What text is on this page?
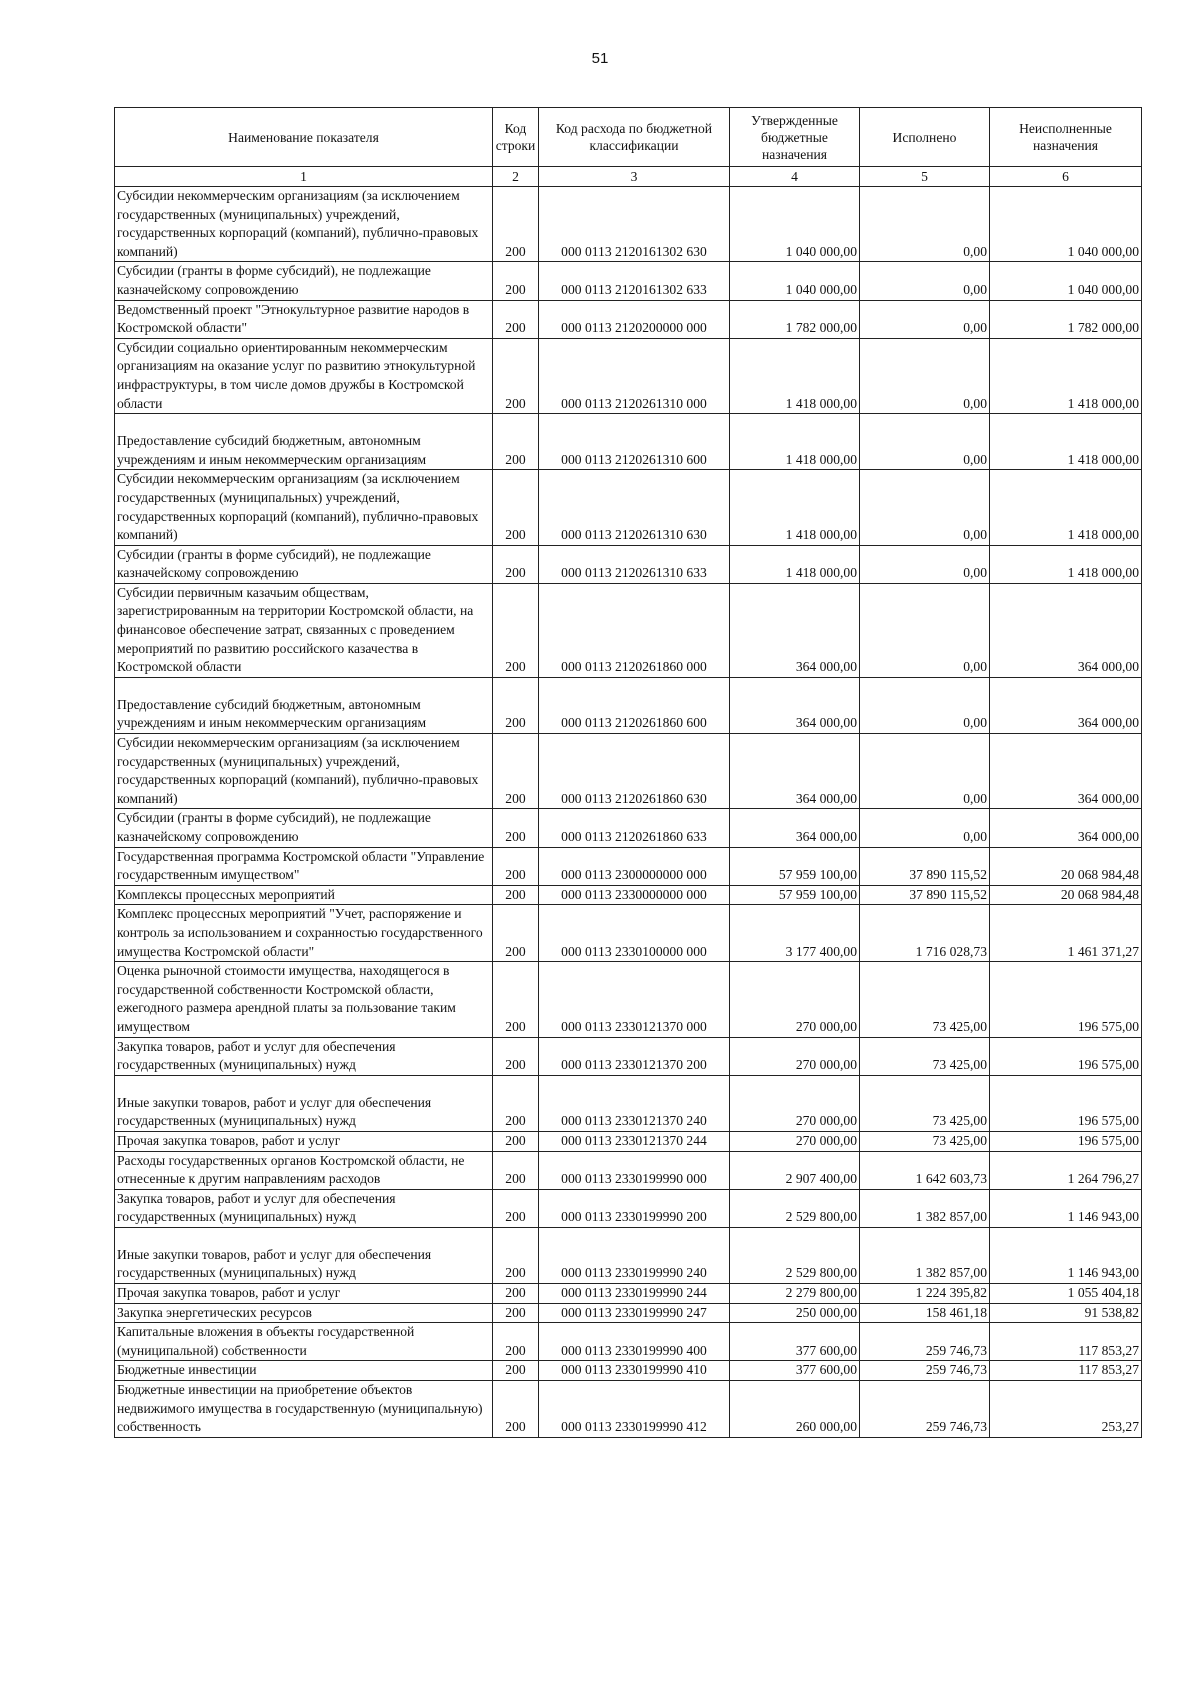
51
Наименование показателя	Код строки	Код расхода по бюджетной классификации	Утвержденные бюджетные назначения	Исполнено	Неисполненные назначения
1	2	3	4	5	6
Субсидии некоммерческим организациям (за исключением государственных (муниципальных) учреждений, государственных корпораций (компаний), публично-правовых компаний)	200	000 0113 2120161302 630	1 040 000,00	0,00	1 040 000,00
Субсидии (гранты в форме субсидий), не подлежащие казначейскому сопровождению	200	000 0113 2120161302 633	1 040 000,00	0,00	1 040 000,00
Ведомственный проект "Этнокультурное развитие народов в Костромской области"	200	000 0113 2120200000 000	1 782 000,00	0,00	1 782 000,00
Субсидии социально ориентированным некоммерческим организациям на оказание услуг по развитию этнокультурной инфраструктуры, в том числе домов дружбы в Костромской области	200	000 0113 2120261310 000	1 418 000,00	0,00	1 418 000,00
Предоставление субсидий бюджетным, автономным учреждениям и иным некоммерческим организациям	200	000 0113 2120261310 600	1 418 000,00	0,00	1 418 000,00
Субсидии некоммерческим организациям (за исключением государственных (муниципальных) учреждений, государственных корпораций (компаний), публично-правовых компаний)	200	000 0113 2120261310 630	1 418 000,00	0,00	1 418 000,00
Субсидии (гранты в форме субсидий), не подлежащие казначейскому сопровождению	200	000 0113 2120261310 633	1 418 000,00	0,00	1 418 000,00
Субсидии первичным казачьим обществам, зарегистрированным на территории Костромской области, на финансовое обеспечение затрат, связанных с проведением мероприятий по развитию российского казачества в Костромской области	200	000 0113 2120261860 000	364 000,00	0,00	364 000,00
Предоставление субсидий бюджетным, автономным учреждениям и иным некоммерческим организациям	200	000 0113 2120261860 600	364 000,00	0,00	364 000,00
Субсидии некоммерческим организациям (за исключением государственных (муниципальных) учреждений, государственных корпораций (компаний), публично-правовых компаний)	200	000 0113 2120261860 630	364 000,00	0,00	364 000,00
Субсидии (гранты в форме субсидий), не подлежащие казначейскому сопровождению	200	000 0113 2120261860 633	364 000,00	0,00	364 000,00
Государственная программа Костромской области "Управление государственным имуществом"	200	000 0113 2300000000 000	57 959 100,00	37 890 115,52	20 068 984,48
Комплексы процессных мероприятий	200	000 0113 2330000000 000	57 959 100,00	37 890 115,52	20 068 984,48
Комплекс процессных мероприятий "Учет, распоряжение и контроль за использованием и сохранностью государственного имущества Костромской области"	200	000 0113 2330100000 000	3 177 400,00	1 716 028,73	1 461 371,27
Оценка рыночной стоимости имущества, находящегося в государственной собственности Костромской области, ежегодного размера арендной платы за пользование таким имуществом	200	000 0113 2330121370 000	270 000,00	73 425,00	196 575,00
Закупка товаров, работ и услуг для обеспечения государственных (муниципальных) нужд	200	000 0113 2330121370 200	270 000,00	73 425,00	196 575,00
Иные закупки товаров, работ и услуг для обеспечения государственных (муниципальных) нужд	200	000 0113 2330121370 240	270 000,00	73 425,00	196 575,00
Прочая закупка товаров, работ и услуг	200	000 0113 2330121370 244	270 000,00	73 425,00	196 575,00
Расходы государственных органов Костромской области, не отнесенные к другим направлениям расходов	200	000 0113 2330199990 000	2 907 400,00	1 642 603,73	1 264 796,27
Закупка товаров, работ и услуг для обеспечения государственных (муниципальных) нужд	200	000 0113 2330199990 200	2 529 800,00	1 382 857,00	1 146 943,00
Иные закупки товаров, работ и услуг для обеспечения государственных (муниципальных) нужд	200	000 0113 2330199990 240	2 529 800,00	1 382 857,00	1 146 943,00
Прочая закупка товаров, работ и услуг	200	000 0113 2330199990 244	2 279 800,00	1 224 395,82	1 055 404,18
Закупка энергетических ресурсов	200	000 0113 2330199990 247	250 000,00	158 461,18	91 538,82
Капитальные вложения в объекты государственной (муниципальной) собственности	200	000 0113 2330199990 400	377 600,00	259 746,73	117 853,27
Бюджетные инвестиции	200	000 0113 2330199990 410	377 600,00	259 746,73	117 853,27
Бюджетные инвестиции на приобретение объектов недвижимого имущества в государственную (муниципальную) собственность	200	000 0113 2330199990 412	260 000,00	259 746,73	253,27
